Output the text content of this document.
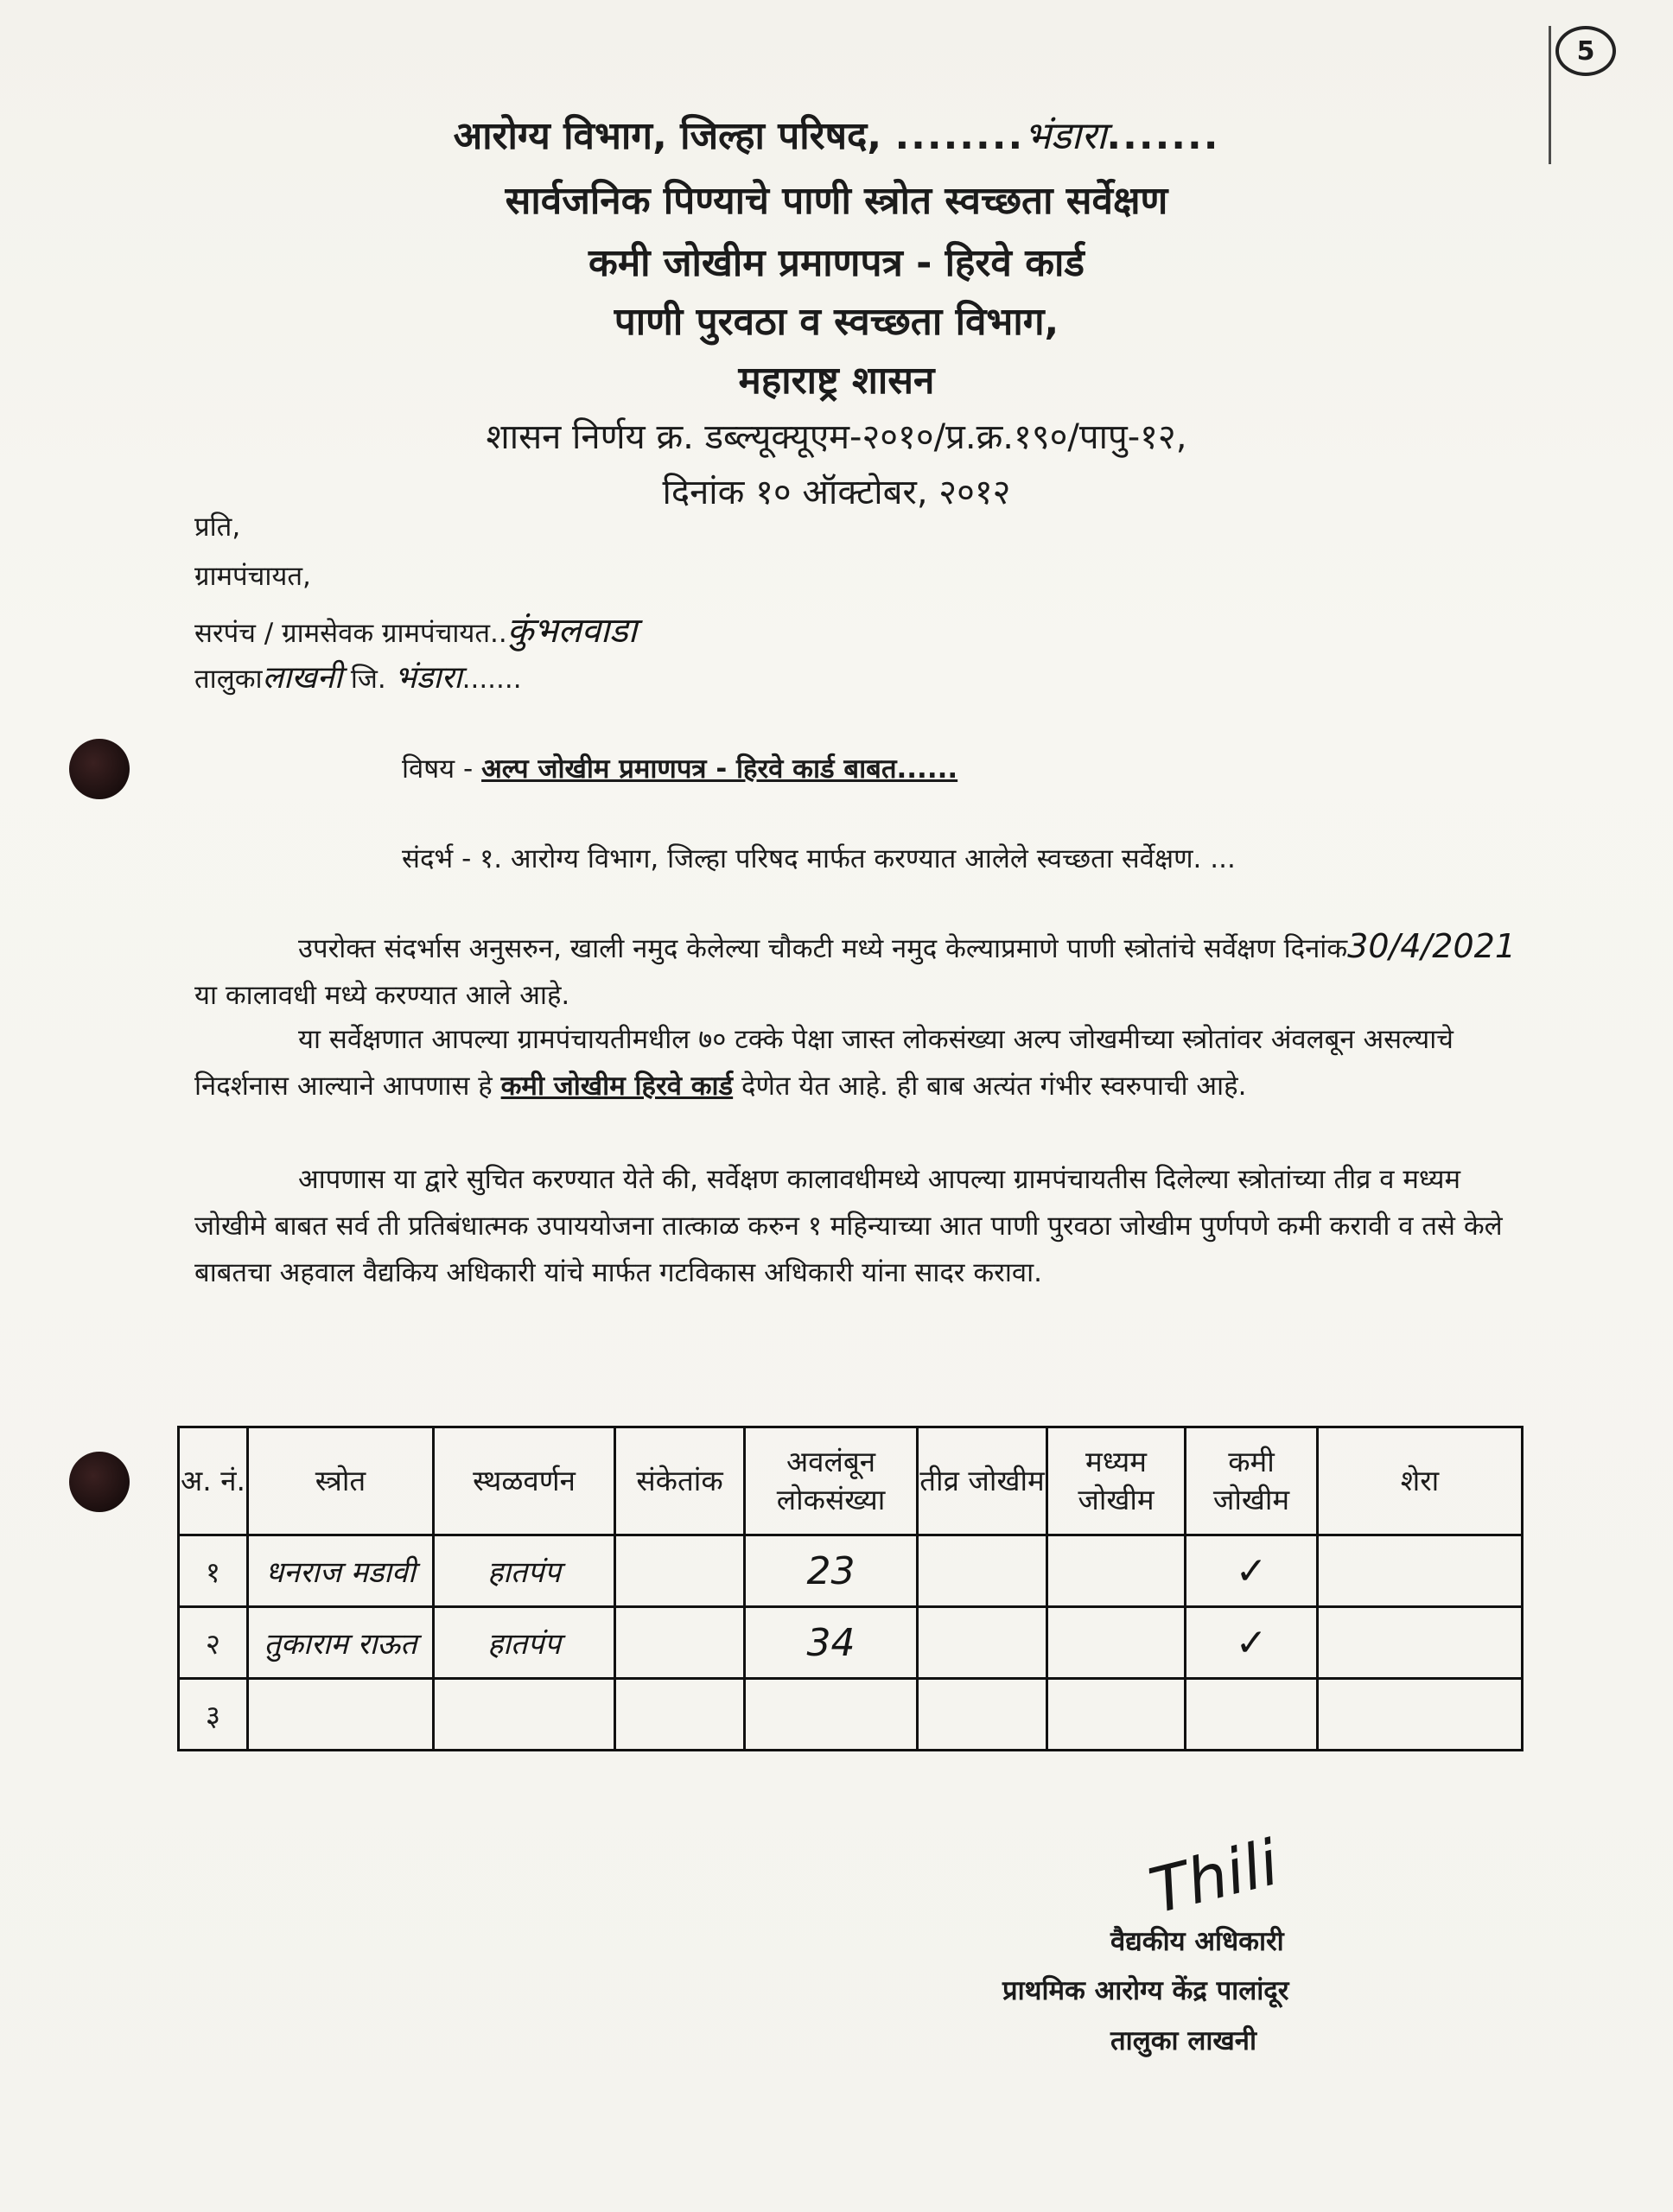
5
आरोग्य विभाग, जिल्हा परिषद, ........भंडारा.......
सार्वजनिक पिण्याचे पाणी स्त्रोत स्वच्छता सर्वेक्षण
कमी जोखीम प्रमाणपत्र - हिरवे कार्ड
पाणी पुरवठा व स्वच्छता विभाग,
महाराष्ट्र शासन
शासन निर्णय क्र. डब्ल्यूक्यूएम-२०१०/प्र.क्र.१९०/पापु-१२,
दिनांक १० ऑक्टोबर, २०१२
प्रति,
ग्रामपंचायत,
सरपंच / ग्रामसेवक ग्रामपंचायत..कुंभलवाडा
तालुकालाखनी जि. भंडारा.......
विषय - अल्प जोखीम प्रमाणपत्र - हिरवे कार्ड बाबत......
संदर्भ - १. आरोग्य विभाग, जिल्हा परिषद मार्फत करण्यात आलेले स्वच्छता सर्वेक्षण. ...
उपरोक्त संदर्भास अनुसरुन, खाली नमुद केलेल्या चौकटी मध्ये नमुद केल्याप्रमाणे पाणी स्त्रोतांचे सर्वेक्षण दिनांक30/4/2021 या कालावधी मध्ये करण्यात आले आहे.
या सर्वेक्षणात आपल्या ग्रामपंचायतीमधील ७० टक्के पेक्षा जास्त लोकसंख्या अल्प जोखमीच्या स्त्रोतांवर अंवलबून असल्याचे निदर्शनास आल्याने आपणास हे कमी जोखीम हिरवे कार्ड देणेत येत आहे. ही बाब अत्यंत गंभीर स्वरुपाची आहे.
आपणास या द्वारे सुचित करण्यात येते की, सर्वेक्षण कालावधीमध्ये आपल्या ग्रामपंचायतीस दिलेल्या स्त्रोतांच्या तीव्र व मध्यम जोखीमे बाबत सर्व ती प्रतिबंधात्मक उपाययोजना तात्काळ करुन १ महिन्याच्या आत पाणी पुरवठा जोखीम पुर्णपणे कमी करावी व तसे केले बाबतचा अहवाल वैद्यकिय अधिकारी यांचे मार्फत गटविकास अधिकारी यांना सादर करावा.
अ. नं.	स्त्रोत	स्थळवर्णन	संकेतांक	अवलंबून लोकसंख्या	तीव्र जोखीम	मध्यम जोखीम	कमी जोखीम	शेरा
१	धनराज मडावी	हातपंप		23			✓	
२	तुकाराम राऊत	हातपंप		34			✓	
३								
Thili
वैद्यकीय अधिकारी
प्राथमिक आरोग्य केंद्र पालांदूर
तालुका लाखनी
